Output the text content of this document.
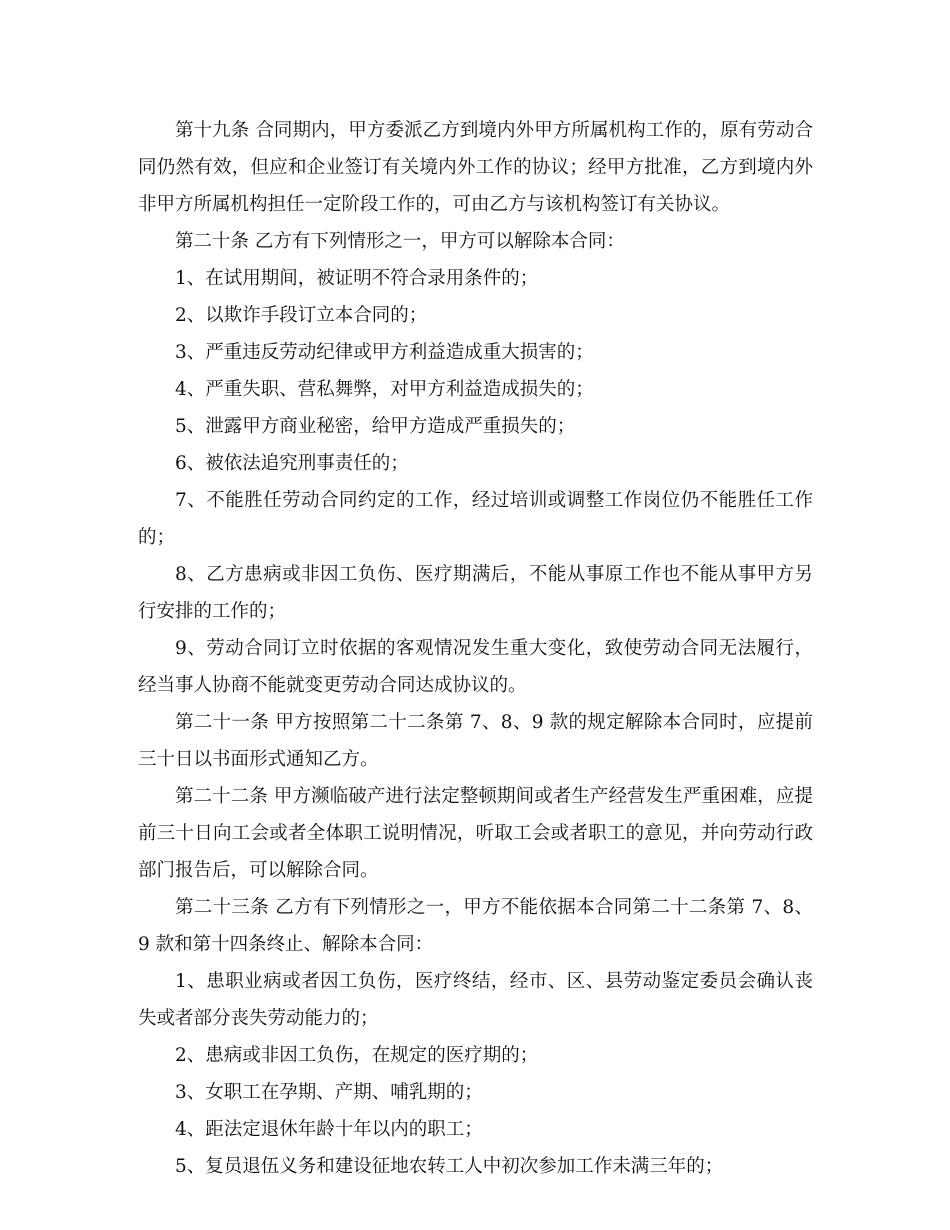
第十九条 合同期内，甲方委派乙方到境内外甲方所属机构工作的，原有劳动合同仍然有效，但应和企业签订有关境内外工作的协议；经甲方批准，乙方到境内外非甲方所属机构担任一定阶段工作的，可由乙方与该机构签订有关协议。

第二十条 乙方有下列情形之一，甲方可以解除本合同：

1、在试用期间，被证明不符合录用条件的；

2、以欺诈手段订立本合同的；

3、严重违反劳动纪律或甲方利益造成重大损害的；

4、严重失职、营私舞弊，对甲方利益造成损失的；

5、泄露甲方商业秘密，给甲方造成严重损失的；

6、被依法追究刑事责任的；

7、不能胜任劳动合同约定的工作，经过培训或调整工作岗位仍不能胜任工作的；

8、乙方患病或非因工负伤、医疗期满后，不能从事原工作也不能从事甲方另行安排的工作的；

9、劳动合同订立时依据的客观情况发生重大变化，致使劳动合同无法履行，经当事人协商不能就变更劳动合同达成协议的。

第二十一条 甲方按照第二十二条第 7、8、9 款的规定解除本合同时，应提前三十日以书面形式通知乙方。

第二十二条 甲方濒临破产进行法定整顿期间或者生产经营发生严重困难，应提前三十日向工会或者全体职工说明情况，听取工会或者职工的意见，并向劳动行政部门报告后，可以解除合同。

第二十三条 乙方有下列情形之一，甲方不能依据本合同第二十二条第 7、8、9 款和第十四条终止、解除本合同：

1、患职业病或者因工负伤，医疗终结，经市、区、县劳动鉴定委员会确认丧失或者部分丧失劳动能力的；

2、患病或非因工负伤，在规定的医疗期的；

3、女职工在孕期、产期、哺乳期的；

4、距法定退休年龄十年以内的职工；

5、复员退伍义务和建设征地农转工人中初次参加工作未满三年的；
